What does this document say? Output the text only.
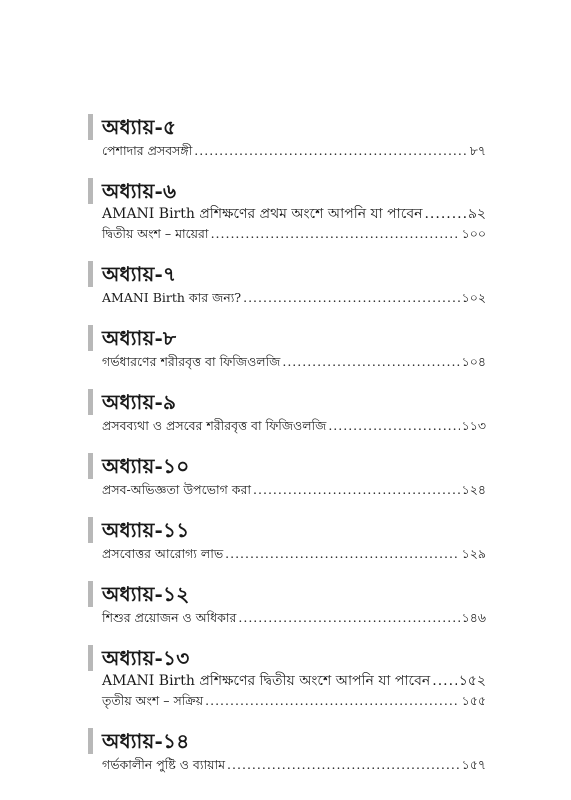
অধ্যায়-৫
পেশাদার প্রসবসঙ্গী .....	৮৭
অধ্যায়-৬
AMANI Birth প্রশিক্ষণের প্রথম অংশে আপনি যা পাবেন .....	৯২
দ্বিতীয় অংশ – মায়েরা .....	১০০
অধ্যায়-৭
AMANI Birth কার জন্য? .....	১০২
অধ্যায়-৮
গর্ভধারণের শরীরবৃত্ত বা ফিজিওলজি .....	১০৪
অধ্যায়-৯
প্রসবব্যথা ও প্রসবের শরীরবৃত্ত বা ফিজিওলজি .....	১১৩
অধ্যায়-১০
প্রসব-অভিজ্ঞতা উপভোগ করা .....	১২৪
অধ্যায়-১১
প্রসবোত্তর আরোগ্য লাভ .....	১২৯
অধ্যায়-১২
শিশুর প্রয়োজন ও অধিকার .....	১৪৬
অধ্যায়-১৩
AMANI Birth প্রশিক্ষণের দ্বিতীয় অংশে আপনি যা পাবেন ..... ১৫২
তৃতীয় অংশ – সক্রিয় .....	১৫৫
অধ্যায়-১৪
গর্ভকালীন পুষ্টি ও ব্যায়াম .....	১৫৭
